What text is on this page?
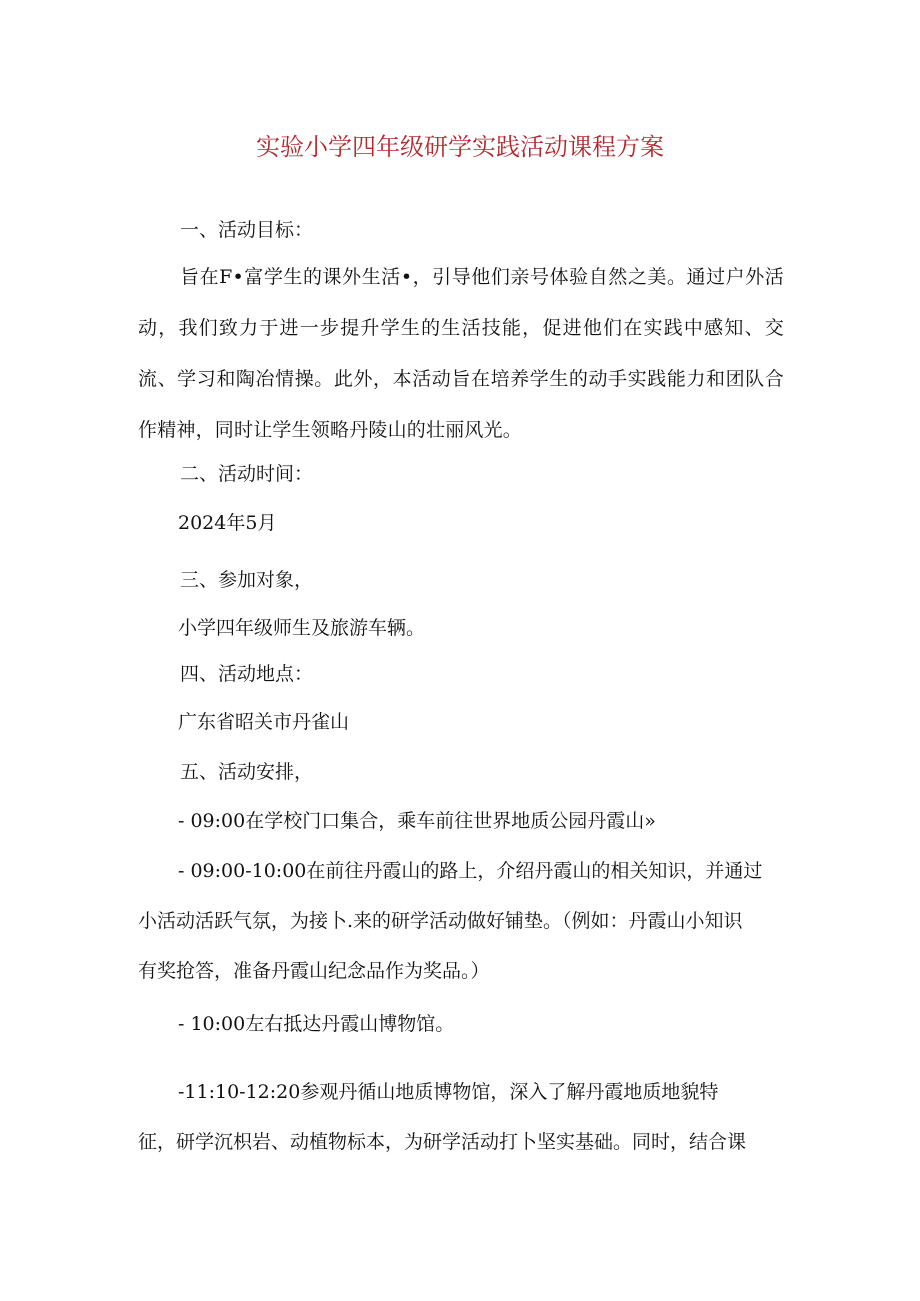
实验小学四年级研学实践活动课程方案
一、活动目标：
旨在F•富学生的课外生活•，引导他们亲号体验自然之美。通过户外活动，我们致力于进一步提升学生的生活技能，促进他们在实践中感知、交流、学习和陶冶情操。此外，本活动旨在培养学生的动手实践能力和团队合作精神，同时让学生领略丹陵山的壮丽风光。
二、活动时间：
2024年5月
三、参加对象，
小学四年级师生及旅游车辆。
四、活动地点：
广东省昭关市丹雀山
五、活动安排，
- 09:00在学校门口集合，乘车前往世界地质公园丹霞山»
- 09:00-10:00在前往丹霞山的路上，介绍丹霞山的相关知识，并通过
小活动活跃气氛，为接卜.来的研学活动做好铺垫。（例如：丹霞山小知识
有奖抢答，准备丹霞山纪念品作为奖品。）
- 10:00左右抵达丹霞山博物馆。
-11:10-12:20参观丹循山地质博物馆，深入了解丹霞地质地貌特
征，研学沉枳岩、动植物标本，为研学活动打卜坚实基础。同时，结合课
